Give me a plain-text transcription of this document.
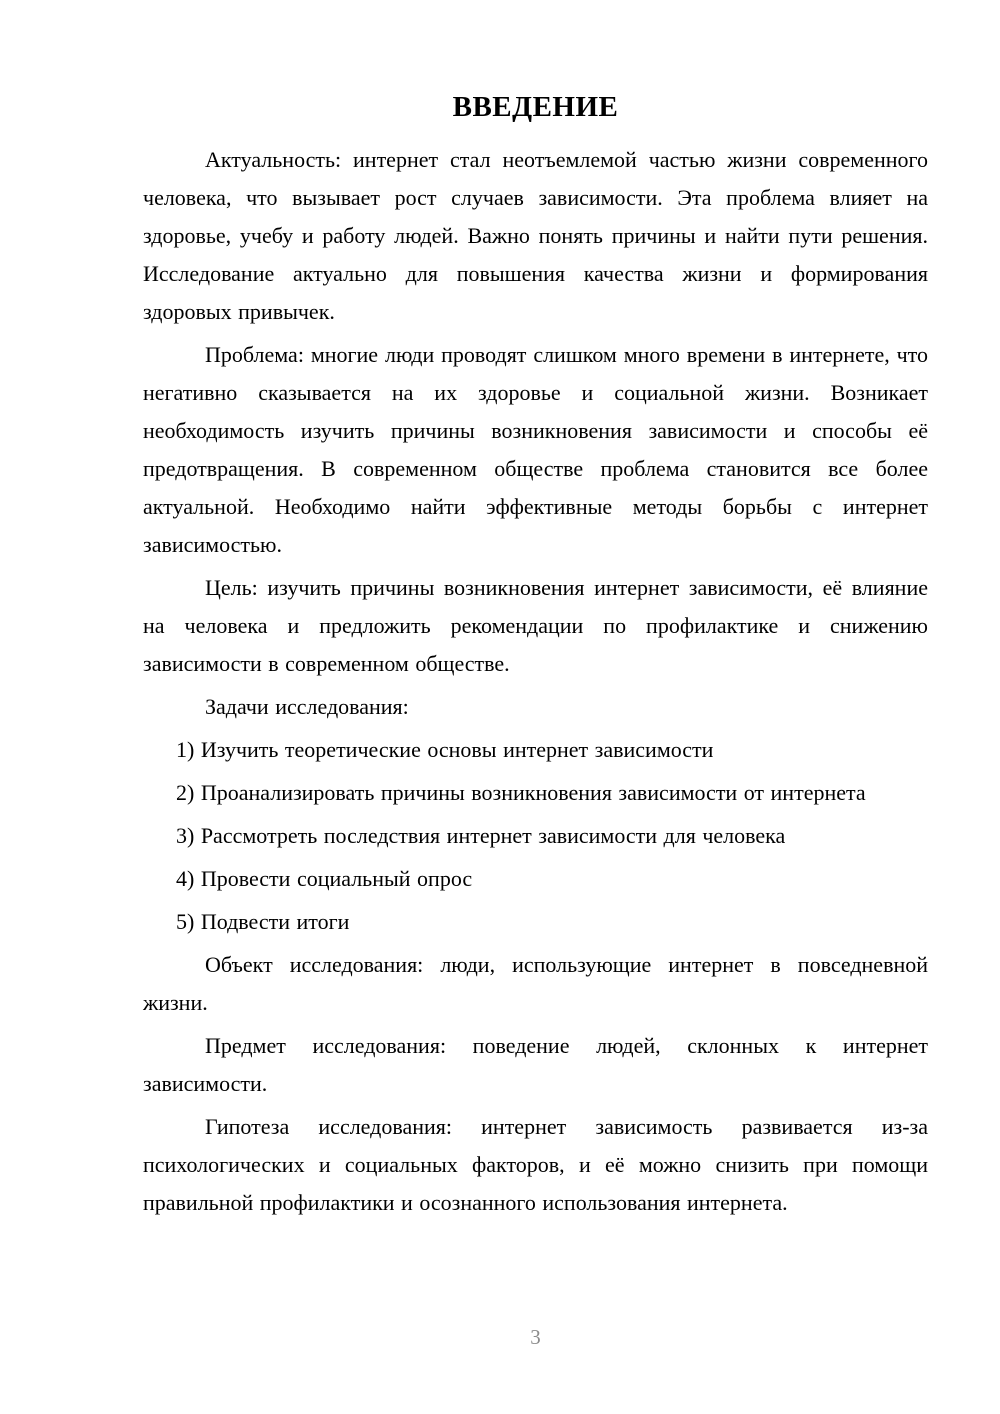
ВВЕДЕНИЕ

Актуальность: интернет стал неотъемлемой частью жизни современного человека, что вызывает рост случаев зависимости. Эта проблема влияет на здоровье, учебу и работу людей. Важно понять причины и найти пути решения. Исследование актуально для повышения качества жизни и формирования здоровых привычек.

Проблема: многие люди проводят слишком много времени в интернете, что негативно сказывается на их здоровье и социальной жизни. Возникает необходимость изучить причины возникновения зависимости и способы её предотвращения. В современном обществе проблема становится все более актуальной. Необходимо найти эффективные методы борьбы с интернет зависимостью.

Цель: изучить причины возникновения интернет зависимости, её влияние на человека и предложить рекомендации по профилактике и снижению зависимости в современном обществе.

Задачи исследования:

1) Изучить теоретические основы интернет зависимости

2) Проанализировать причины возникновения зависимости от интернета

3) Рассмотреть последствия интернет зависимости для человека

4) Провести социальный опрос

5) Подвести итоги

Объект исследования: люди, использующие интернет в повседневной жизни.

Предмет исследования: поведение людей, склонных к интернет зависимости.

Гипотеза исследования: интернет зависимость развивается из-за психологических и социальных факторов, и её можно снизить при помощи правильной профилактики и осознанного использования интернета.

3
